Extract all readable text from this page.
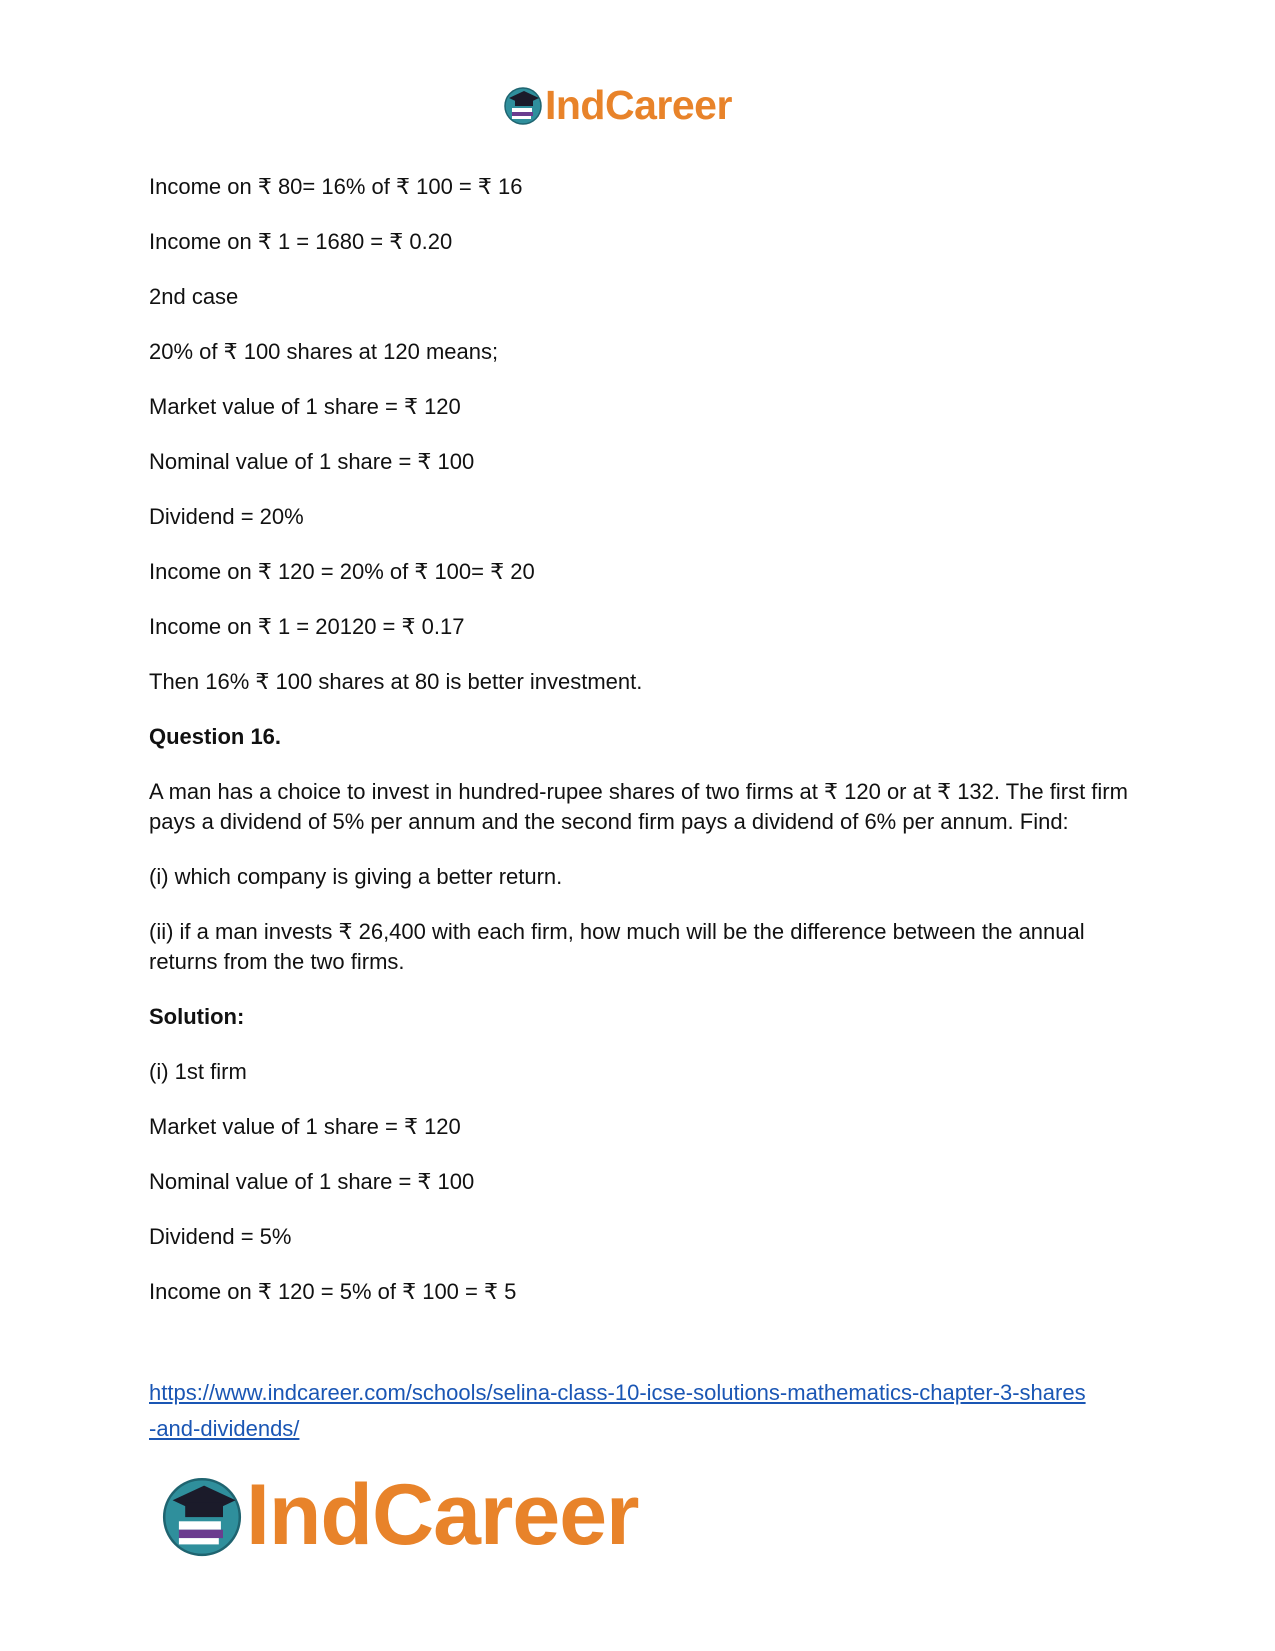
IndCareer

Income on ₹ 80= 16% of ₹ 100 = ₹ 16

Income on ₹ 1 = 1680 = ₹ 0.20

2nd case

20% of ₹ 100 shares at 120 means;

Market value of 1 share = ₹ 120

Nominal value of 1 share = ₹ 100

Dividend = 20%

Income on ₹ 120 = 20% of ₹ 100= ₹ 20

Income on ₹ 1 = 20120 = ₹ 0.17

Then 16% ₹ 100 shares at 80 is better investment.

Question 16.

A man has a choice to invest in hundred-rupee shares of two firms at ₹ 120 or at ₹ 132. The first firm pays a dividend of 5% per annum and the second firm pays a dividend of 6% per annum. Find:

(i) which company is giving a better return.

(ii) if a man invests ₹ 26,400 with each firm, how much will be the difference between the annual returns from the two firms.

Solution:

(i) 1st firm

Market value of 1 share = ₹ 120

Nominal value of 1 share = ₹ 100

Dividend = 5%

Income on ₹ 120 = 5% of ₹ 100 = ₹ 5

https://www.indcareer.com/schools/selina-class-10-icse-solutions-mathematics-chapter-3-shares
-and-dividends/
IndCareer
